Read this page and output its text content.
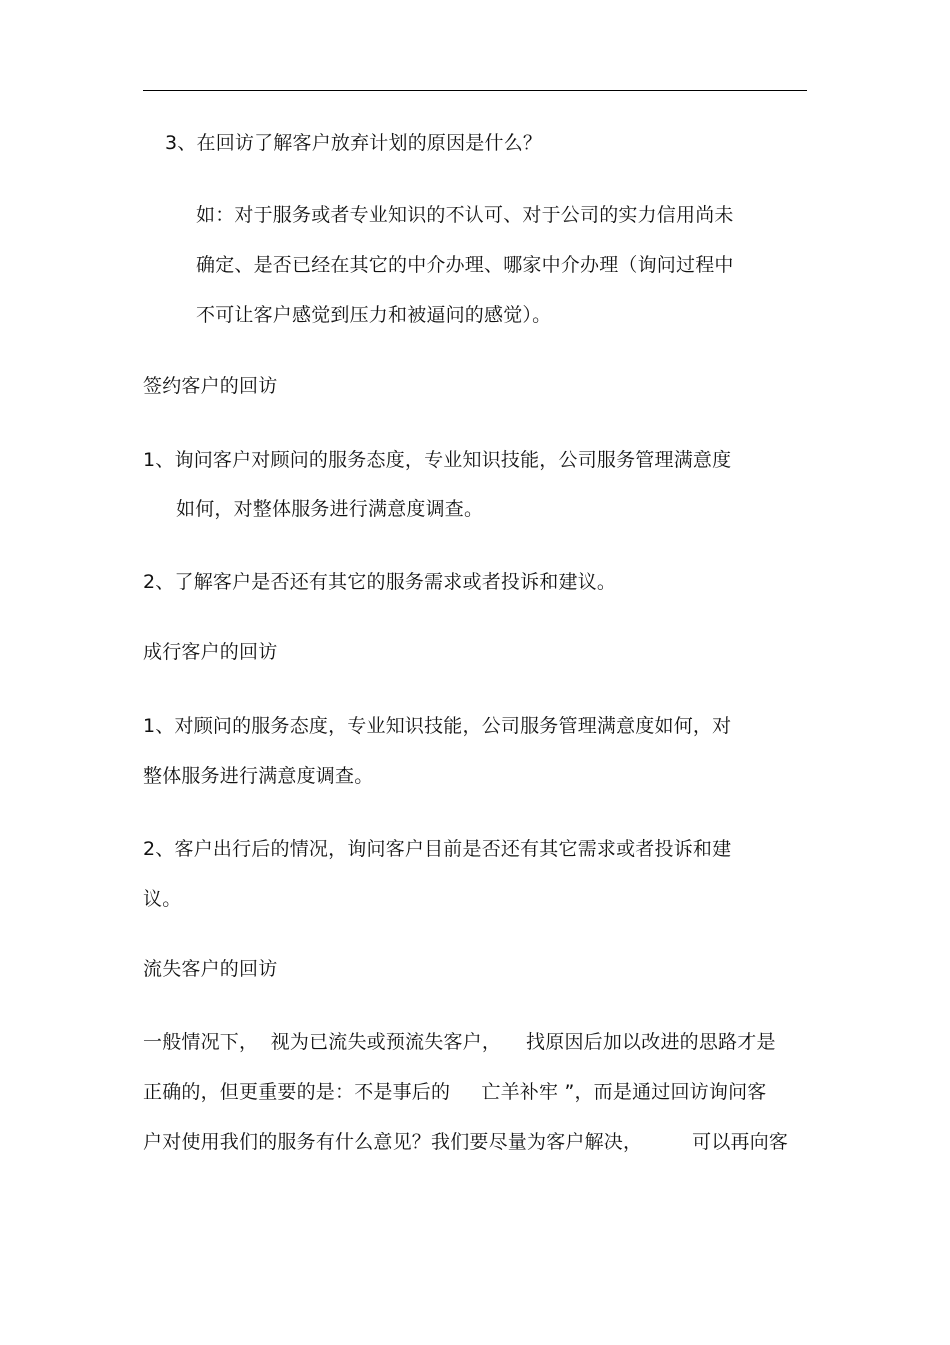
3、在回访了解客户放弃计划的原因是什么？
如：对于服务或者专业知识的不认可、对于公司的实力信用尚未
确定、是否已经在其它的中介办理、哪家中介办理（询问过程中
不可让客户感觉到压力和被逼问的感觉）。
签约客户的回访
1、询问客户对顾问的服务态度，专业知识技能，公司服务管理满意度
如何，对整体服务进行满意度调查。
2、了解客户是否还有其它的服务需求或者投诉和建议。
成行客户的回访
1、对顾问的服务态度，专业知识技能，公司服务管理满意度如何，对
整体服务进行满意度调查。
2、客户出行后的情况，询问客户目前是否还有其它需求或者投诉和建
议。
流失客户的回访
一般情况下，  视为已流失或预流失客户，    找原因后加以改进的思路才是
正确的，但更重要的是：不是事后的     亡羊补牢 ”，而是通过回访询问客
户对使用我们的服务有什么意见？我们要尽量为客户解决，        可以再向客
